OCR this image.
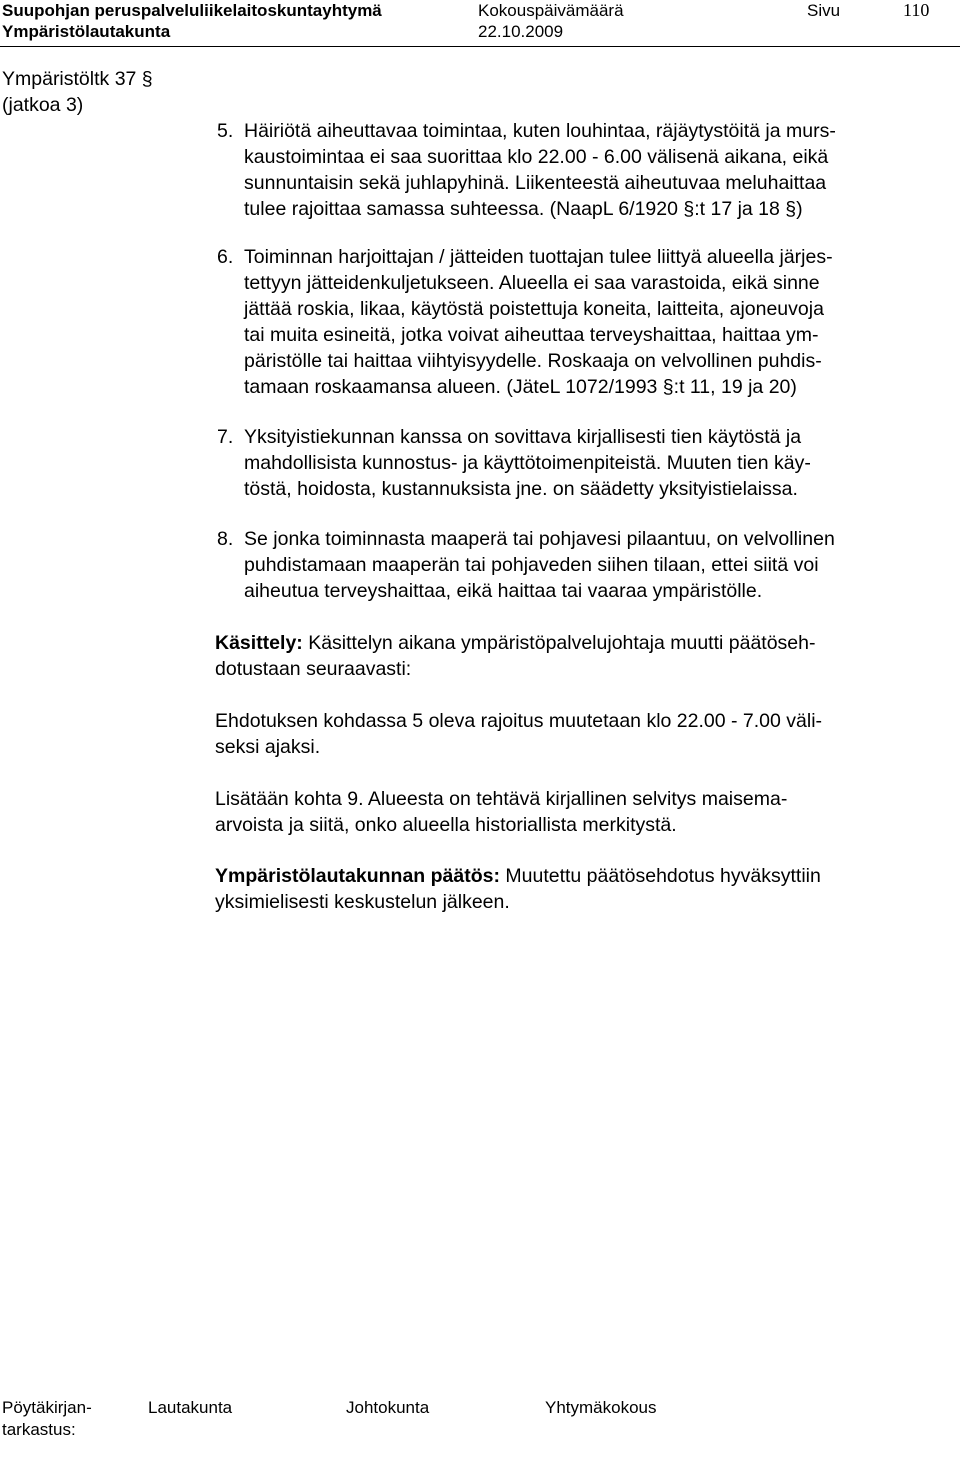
Suupohjan peruspalveluliikelaitoskuntayhtymä
Ympäristölautakunta
Kokouspäivämäärä
22.10.2009
Sivu	110
Ympäristöltk 37 §
(jatkoa 3)
5. Häiriötä aiheuttavaa toimintaa, kuten louhintaa, räjäytystöitä ja murs-
kaustoimintaa ei saa suorittaa klo 22.00 - 6.00 välisenä aikana, eikä
sunnuntaisin sekä juhlapyhinä. Liikenteestä aiheutuvaa meluhaittaa
tulee rajoittaa samassa suhteessa. (NaapL 6/1920 §:t 17 ja 18 §)
6. Toiminnan harjoittajan / jätteiden tuottajan tulee liittyä alueella järjes-
tettyyn jätteidenkuljetukseen. Alueella ei saa varastoida, eikä sinne
jättää roskia, likaa, käytöstä poistettuja koneita, laitteita, ajoneuvoja
tai muita esineitä, jotka voivat aiheuttaa terveyshaittaa, haittaa ym-
päristölle tai haittaa viihtyisyydelle. Roskaaja on velvollinen puhdis-
tamaan roskaamansa alueen. (JäteL 1072/1993 §:t 11, 19 ja 20)
7. Yksityistiekunnan kanssa on sovittava kirjallisesti tien käytöstä ja
mahdollisista kunnostus- ja käyttötoimenpiteistä. Muuten tien käy-
töstä, hoidosta, kustannuksista jne. on säädetty yksityistielaissa.
8. Se jonka toiminnasta maaperä tai pohjavesi pilaantuu, on velvollinen
puhdistamaan maaperän tai pohjaveden siihen tilaan, ettei siitä voi
aiheutua terveyshaittaa, eikä haittaa tai vaaraa ympäristölle.
Käsittely: Käsittelyn aikana ympäristöpalvelujohtaja muutti päätöseh-
dotustaan seuraavasti:
Ehdotuksen kohdassa 5 oleva rajoitus muutetaan klo 22.00 - 7.00 väli-
seksi ajaksi.
Lisätään kohta 9. Alueesta on tehtävä kirjallinen selvitys maisema-
arvoista ja siitä, onko alueella historiallista merkitystä.
Ympäristölautakunnan päätös: Muutettu päätösehdotus hyväksyttiin
yksimielisesti keskustelun jälkeen.
Pöytäkirjan-
tarkastus:
Lautakunta	Johtokunta	Yhtymäkokous
